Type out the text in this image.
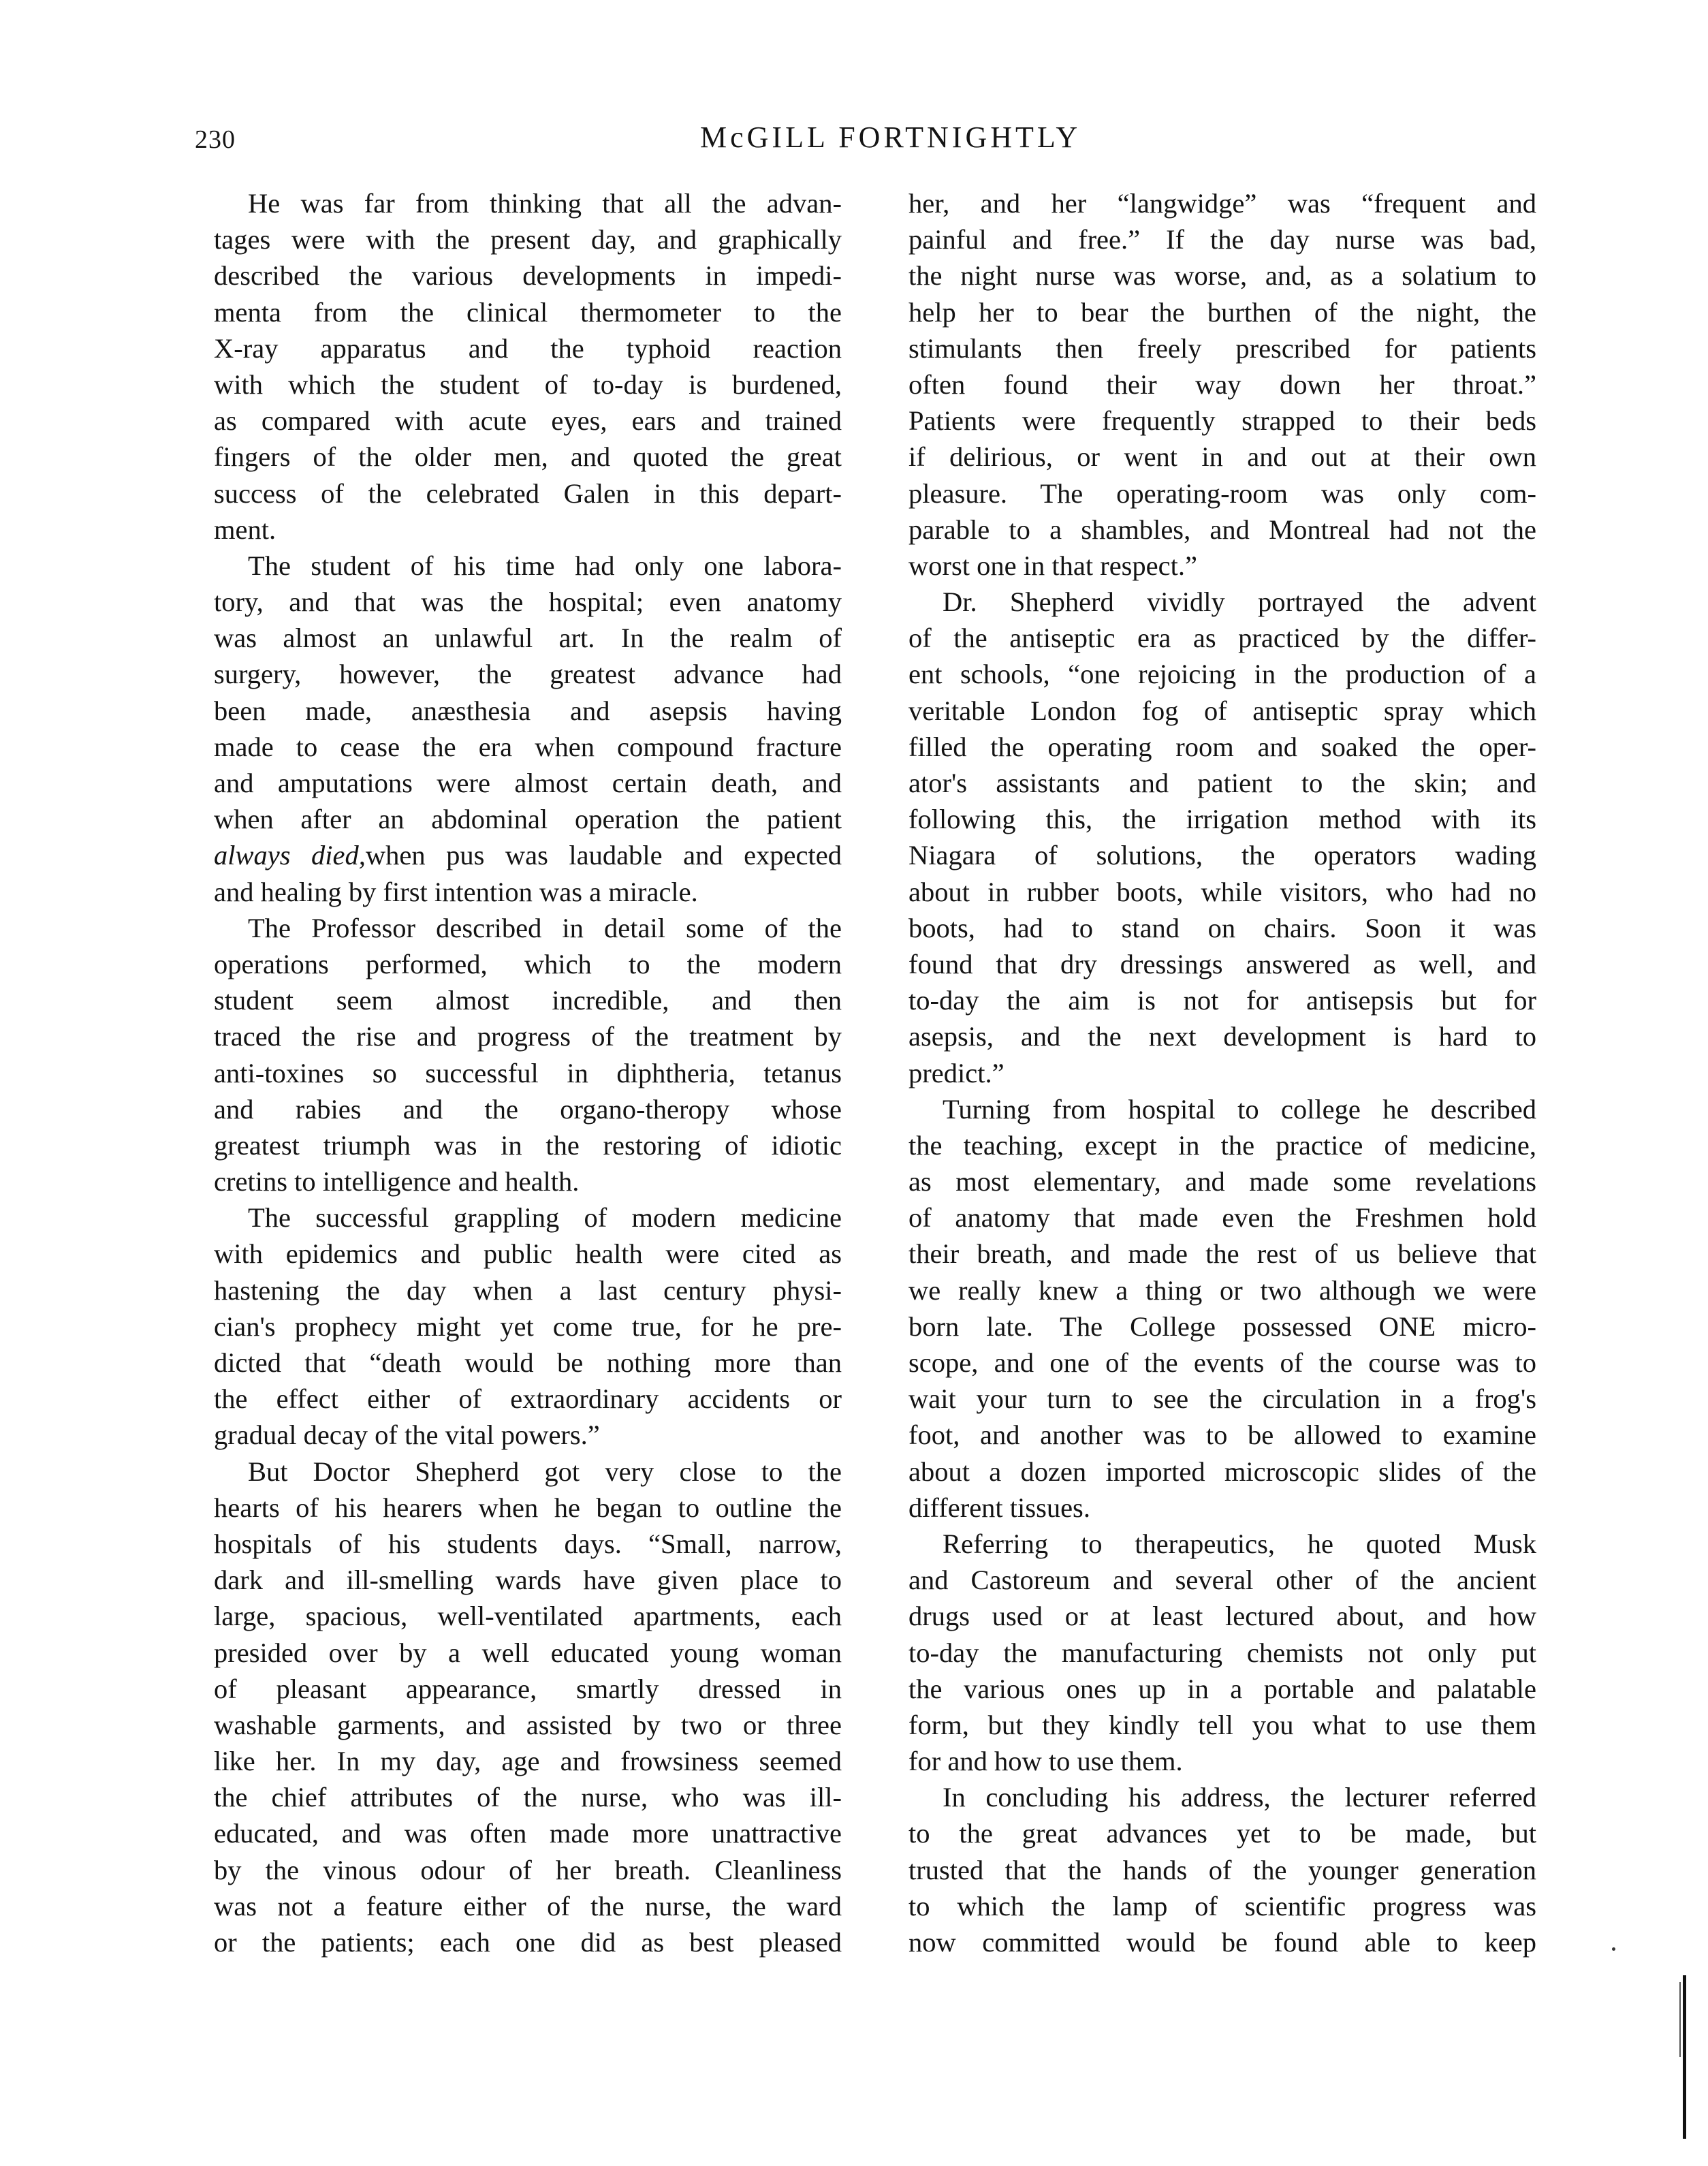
230	McGILL FORTNIGHTLY
He was far from thinking that all the advan-
tages were with the present day, and graphically
described the various developments in impedi-
menta from the clinical thermometer to the
X-ray apparatus and the typhoid reaction
with which the student of to-day is burdened,
as compared with acute eyes, ears and trained
fingers of the older men, and quoted the great
success of the celebrated Galen in this depart-
ment.
The student of his time had only one labora-
tory, and that was the hospital; even anatomy
was almost an unlawful art. In the realm of
surgery, however, the greatest advance had
been made, anæsthesia and asepsis having
made to cease the era when compound fracture
and amputations were almost certain death, and
when after an abdominal operation the patient
always died,when pus was laudable and expected
and healing by first intention was a miracle.
The Professor described in detail some of the
operations performed, which to the modern
student seem almost incredible, and then
traced the rise and progress of the treatment by
anti-toxines so successful in diphtheria, tetanus
and rabies and the organo-theropy whose
greatest triumph was in the restoring of idiotic
cretins to intelligence and health.
The successful grappling of modern medicine
with epidemics and public health were cited as
hastening the day when a last century physi-
cian's prophecy might yet come true, for he pre-
dicted that “death would be nothing more than
the effect either of extraordinary accidents or
gradual decay of the vital powers.”
But Doctor Shepherd got very close to the
hearts of his hearers when he began to outline the
hospitals of his students days. “Small, narrow,
dark and ill-smelling wards have given place to
large, spacious, well-ventilated apartments, each
presided over by a well educated young woman
of pleasant appearance, smartly dressed in
washable garments, and assisted by two or three
like her. In my day, age and frowsiness seemed
the chief attributes of the nurse, who was ill-
educated, and was often made more unattractive
by the vinous odour of her breath. Cleanliness
was not a feature either of the nurse, the ward
or the patients; each one did as best pleased
her, and her “langwidge” was “frequent and
painful and free.” If the day nurse was bad,
the night nurse was worse, and, as a solatium to
help her to bear the burthen of the night, the
stimulants then freely prescribed for patients
often found their way down her throat.”
Patients were frequently strapped to their beds
if delirious, or went in and out at their own
pleasure. The operating-room was only com-
parable to a shambles, and Montreal had not the
worst one in that respect.”
Dr. Shepherd vividly portrayed the advent
of the antiseptic era as practiced by the differ-
ent schools, “one rejoicing in the production of a
veritable London fog of antiseptic spray which
filled the operating room and soaked the oper-
ator's assistants and patient to the skin; and
following this, the irrigation method with its
Niagara of solutions, the operators wading
about in rubber boots, while visitors, who had no
boots, had to stand on chairs. Soon it was
found that dry dressings answered as well, and
to-day the aim is not for antisepsis but for
asepsis, and the next development is hard to
predict.”
Turning from hospital to college he described
the teaching, except in the practice of medicine,
as most elementary, and made some revelations
of anatomy that made even the Freshmen hold
their breath, and made the rest of us believe that
we really knew a thing or two although we were
born late. The College possessed ONE micro-
scope, and one of the events of the course was to
wait your turn to see the circulation in a frog's
foot, and another was to be allowed to examine
about a dozen imported microscopic slides of the
different tissues.
Referring to therapeutics, he quoted Musk
and Castoreum and several other of the ancient
drugs used or at least lectured about, and how
to-day the manufacturing chemists not only put
the various ones up in a portable and palatable
form, but they kindly tell you what to use them
for and how to use them.
In concluding his address, the lecturer referred
to the great advances yet to be made, but
trusted that the hands of the younger generation
to which the lamp of scientific progress was
now committed would be found able to keep
